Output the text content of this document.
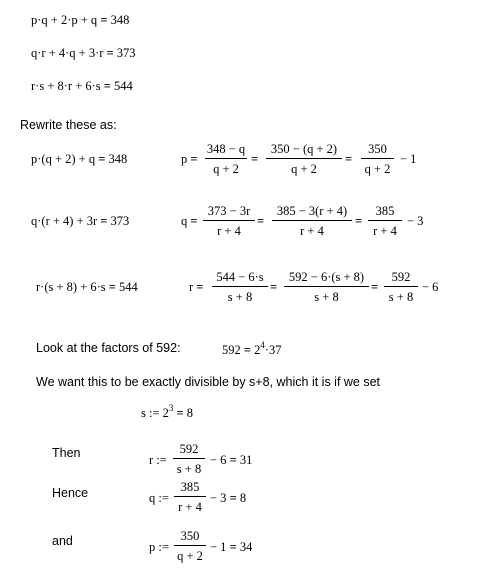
p·q + 2·p + q = 348
q·r + 4·q + 3·r = 373
r·s + 8·r + 6·s = 544
Rewrite these as:
p·(q + 2) + q = 348	p =
348 − q
q + 2
=
350 − (q + 2)
q + 2
=
350
q + 2
− 1
q·(r + 4) + 3r = 373	q =
373 − 3r
r + 4
=
385 − 3(r + 4)
r + 4
=
385
r + 4
− 3
r·(s + 8) + 6·s = 544	r =
544 − 6·s
s + 8
=
592 − 6·(s + 8)
s + 8
=
592
s + 8
− 6
Look at the factors of 592:	$592 = 2^4\cdot 37$
We want this to be exactly divisible by s+8, which it is if we set
s := $2^3 = 8$
Then	r :=
592
s + 8
− 6 = 31
Hence	q :=
385
r + 4
− 3 = 8
and	p :=
350
q + 2
− 1 = 34
